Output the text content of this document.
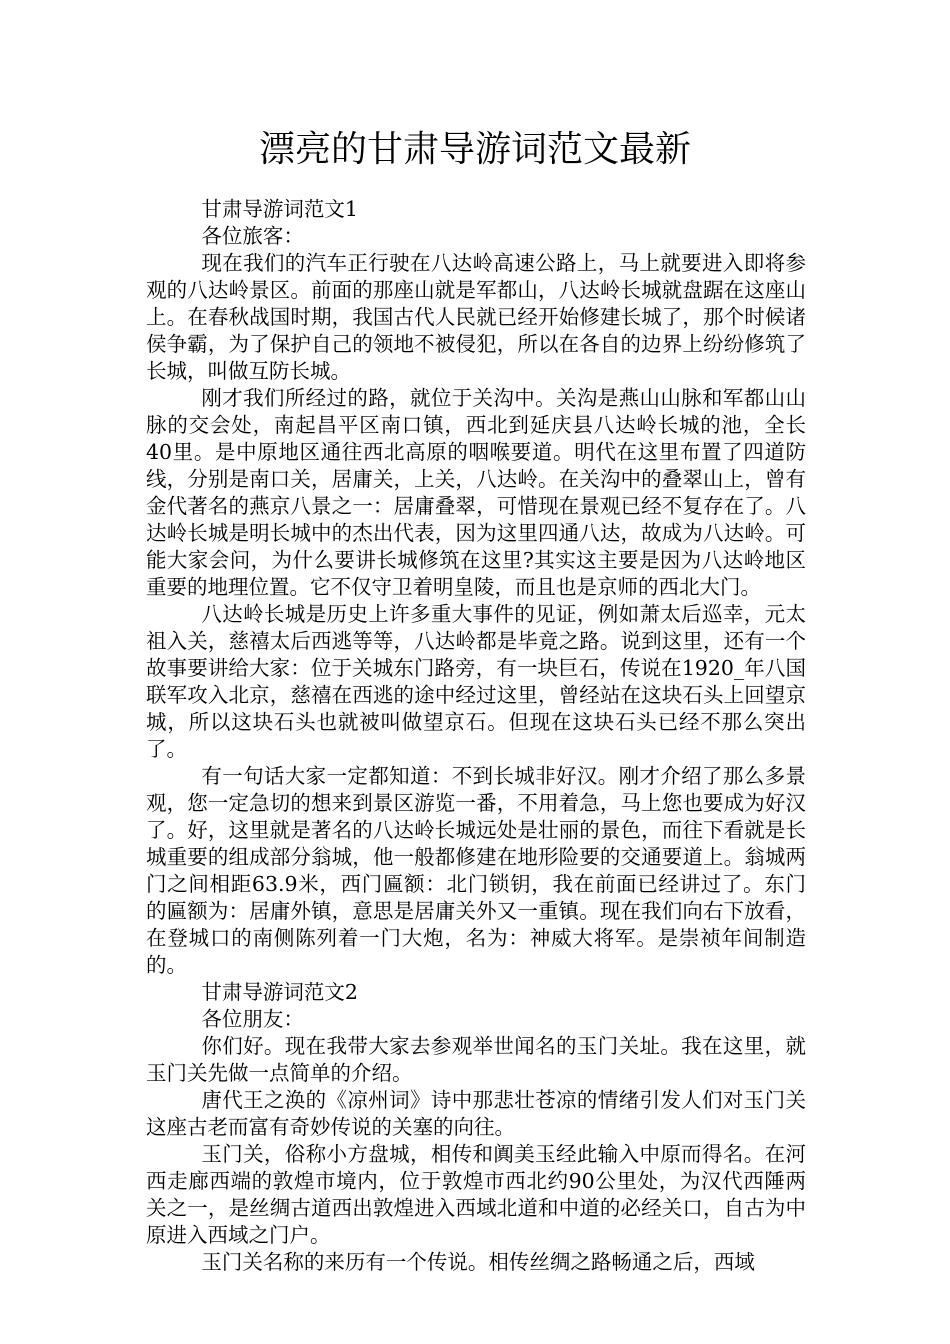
漂亮的甘肃导游词范文最新

甘肃导游词范文1

各位旅客：

现在我们的汽车正行驶在八达岭高速公路上，马上就要进入即将参观的八达岭景区。前面的那座山就是军都山，八达岭长城就盘踞在这座山上。在春秋战国时期，我国古代人民就已经开始修建长城了，那个时候诸侯争霸，为了保护自己的领地不被侵犯，所以在各自的边界上纷纷修筑了长城，叫做互防长城。

刚才我们所经过的路，就位于关沟中。关沟是燕山山脉和军都山山脉的交会处，南起昌平区南口镇，西北到延庆县八达岭长城的池，全长40里。是中原地区通往西北高原的咽喉要道。明代在这里布置了四道防线，分别是南口关，居庸关，上关，八达岭。在关沟中的叠翠山上，曾有金代著名的燕京八景之一：居庸叠翠，可惜现在景观已经不复存在了。八达岭长城是明长城中的杰出代表，因为这里四通八达，故成为八达岭。可能大家会问，为什么要讲长城修筑在这里?其实这主要是因为八达岭地区重要的地理位置。它不仅守卫着明皇陵，而且也是京师的西北大门。

八达岭长城是历史上许多重大事件的见证，例如萧太后巡幸，元太祖入关，慈禧太后西逃等等，八达岭都是毕竟之路。说到这里，还有一个故事要讲给大家：位于关城东门路旁，有一块巨石，传说在1920_年八国联军攻入北京，慈禧在西逃的途中经过这里，曾经站在这块石头上回望京城，所以这块石头也就被叫做望京石。但现在这块石头已经不那么突出了。

有一句话大家一定都知道：不到长城非好汉。刚才介绍了那么多景观，您一定急切的想来到景区游览一番，不用着急，马上您也要成为好汉了。好，这里就是著名的八达岭长城远处是壮丽的景色，而往下看就是长城重要的组成部分翁城，他一般都修建在地形险要的交通要道上。翁城两门之间相距63.9米，西门匾额：北门锁钥，我在前面已经讲过了。东门的匾额为：居庸外镇，意思是居庸关外又一重镇。现在我们向右下放看，在登城口的南侧陈列着一门大炮，名为：神威大将军。是崇祯年间制造的。

甘肃导游词范文2

各位朋友：

你们好。现在我带大家去参观举世闻名的玉门关址。我在这里，就玉门关先做一点简单的介绍。

唐代王之涣的《凉州词》诗中那悲壮苍凉的情绪引发人们对玉门关这座古老而富有奇妙传说的关塞的向往。

玉门关，俗称小方盘城，相传和阗美玉经此输入中原而得名。在河西走廊西端的敦煌市境内，位于敦煌市西北约90公里处，为汉代西陲两关之一，是丝绸古道西出敦煌进入西域北道和中道的必经关口，自古为中原进入西域之门户。

玉门关名称的来历有一个传说。相传丝绸之路畅通之后，西域
